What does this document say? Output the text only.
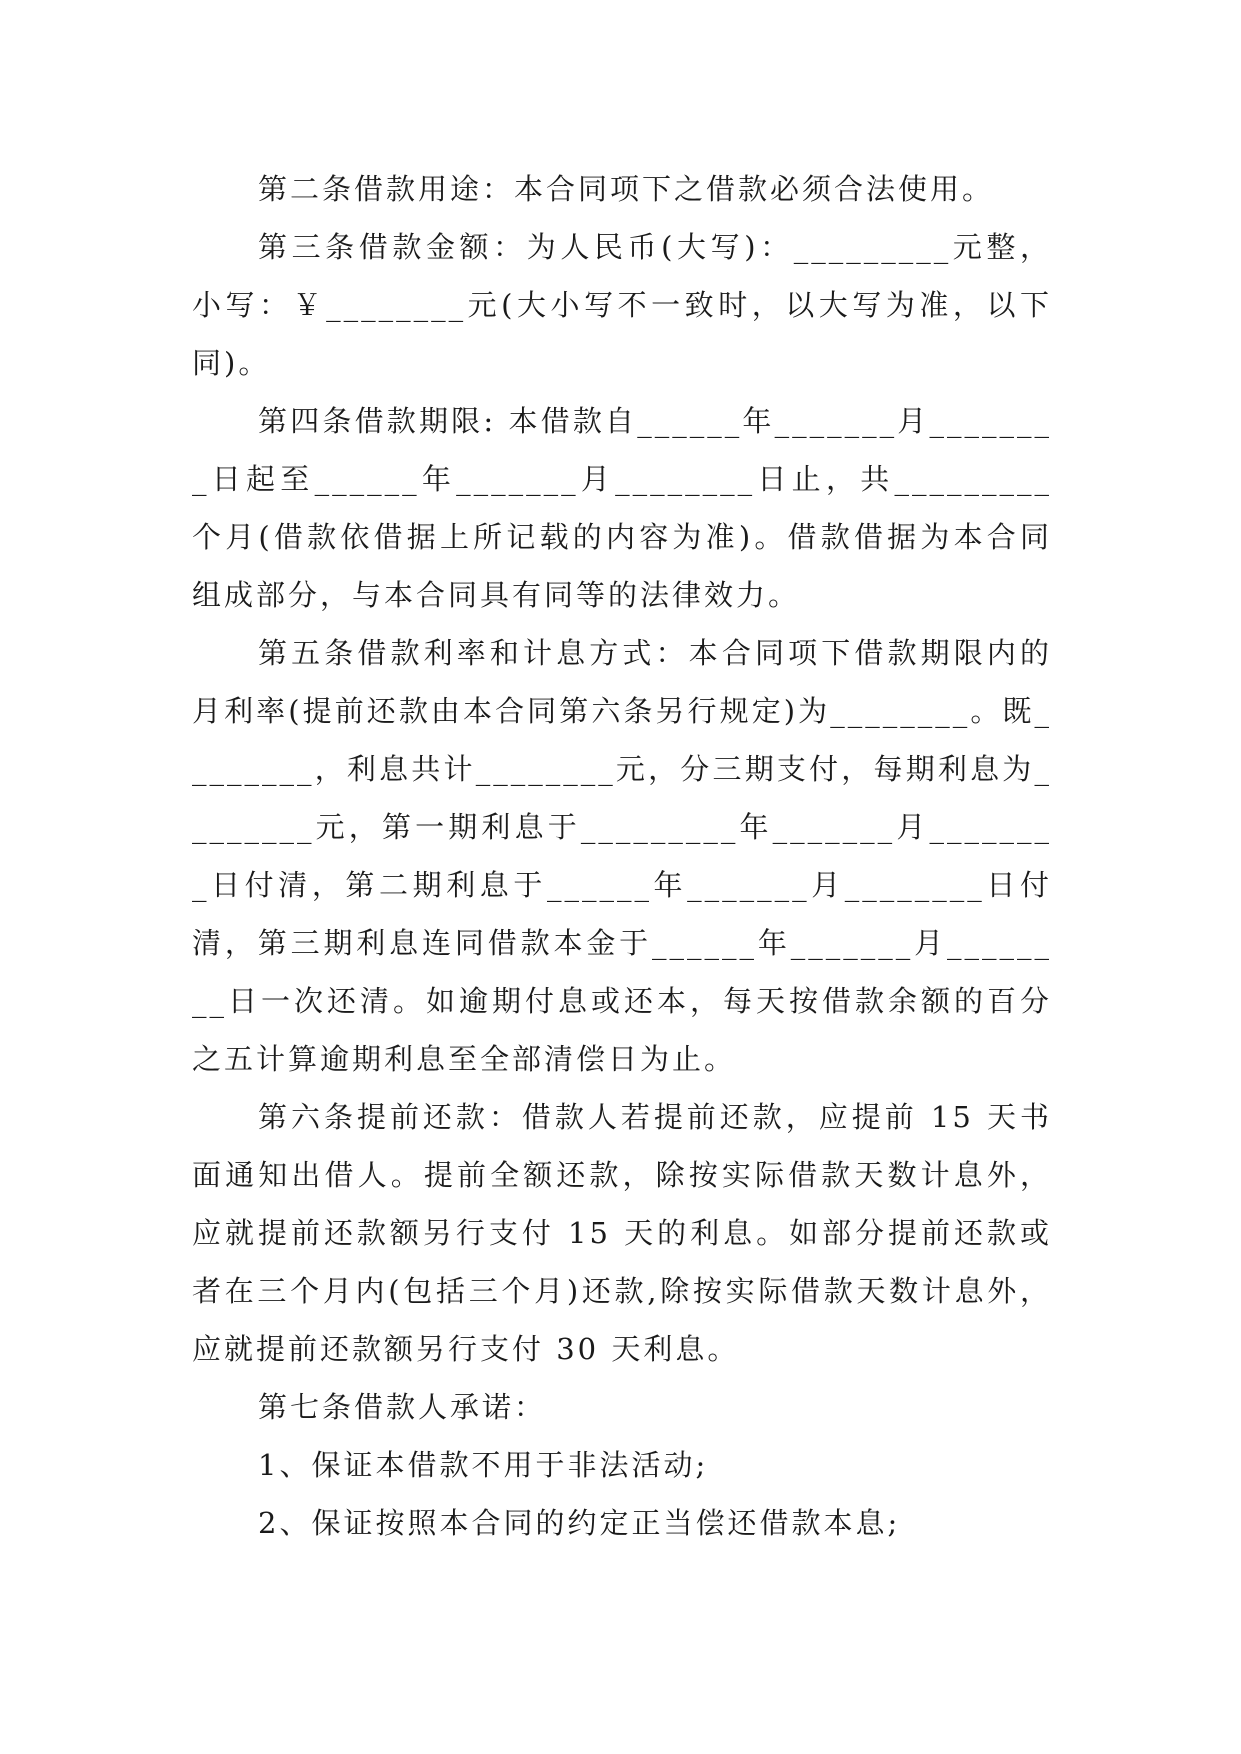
第二条借款用途：本合同项下之借款必须合法使用。

第三条借款金额：为人民币(大写)：_________元整，小写：￥________元(大小写不一致时，以大写为准，以下同)。

第四条借款期限: 本借款自______年_______月________日起至______年_______月________日止，共_________个月(借款依借据上所记载的内容为准)。借款借据为本合同组成部分，与本合同具有同等的法律效力。

第五条借款利率和计息方式：本合同项下借款期限内的月利率(提前还款由本合同第六条另行规定)为________。既________，利息共计________元，分三期支付，每期利息为________元，第一期利息于_________年_______月________日付清，第二期利息于______年_______月________日付清，第三期利息连同借款本金于______年_______月________日一次还清。如逾期付息或还本，每天按借款余额的百分之五计算逾期利息至全部清偿日为止。

第六条提前还款：借款人若提前还款，应提前 15 天书面通知出借人。提前全额还款，除按实际借款天数计息外，应就提前还款额另行支付 15 天的利息。如部分提前还款或者在三个月内(包括三个月)还款,除按实际借款天数计息外，应就提前还款额另行支付 30 天利息。

第七条借款人承诺：

1、保证本借款不用于非法活动;

2、保证按照本合同的约定正当偿还借款本息;
